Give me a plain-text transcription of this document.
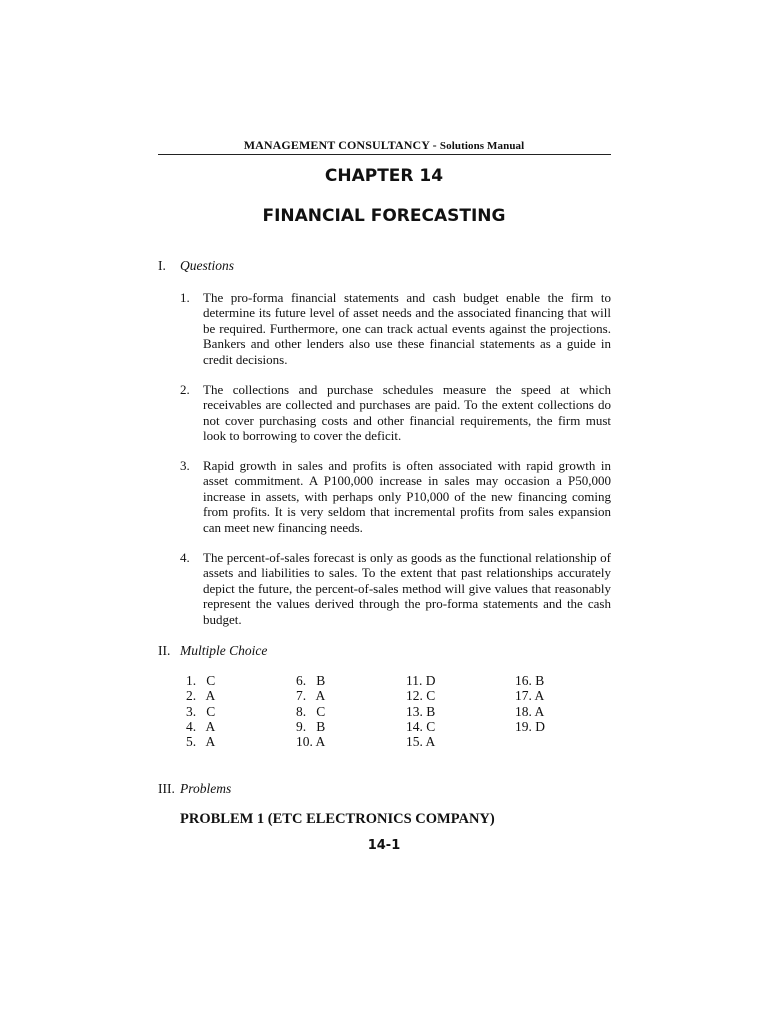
MANAGEMENT CONSULTANCY - Solutions Manual
CHAPTER 14
FINANCIAL FORECASTING
I. Questions
1. The pro-forma financial statements and cash budget enable the firm to determine its future level of asset needs and the associated financing that will be required. Furthermore, one can track actual events against the projections. Bankers and other lenders also use these financial statements as a guide in credit decisions.
2. The collections and purchase schedules measure the speed at which receivables are collected and purchases are paid. To the extent collections do not cover purchasing costs and other financial requirements, the firm must look to borrowing to cover the deficit.
3. Rapid growth in sales and profits is often associated with rapid growth in asset commitment. A P100,000 increase in sales may occasion a P50,000 increase in assets, with perhaps only P10,000 of the new financing coming from profits. It is very seldom that incremental profits from sales expansion can meet new financing needs.
4. The percent-of-sales forecast is only as goods as the functional relationship of assets and liabilities to sales. To the extent that past relationships accurately depict the future, the percent-of-sales method will give values that reasonably represent the values derived through the pro-forma statements and the cash budget.
II. Multiple Choice
1.   C
2.   A
3.   C
4.   A
5.   A
6.   B
7.   A
8.   C
9.   B
10. A
11. D
12. C
13. B
14. C
15. A
16. B
17. A
18. A
19. D
III. Problems
PROBLEM 1 (ETC ELECTRONICS COMPANY)
14-1
